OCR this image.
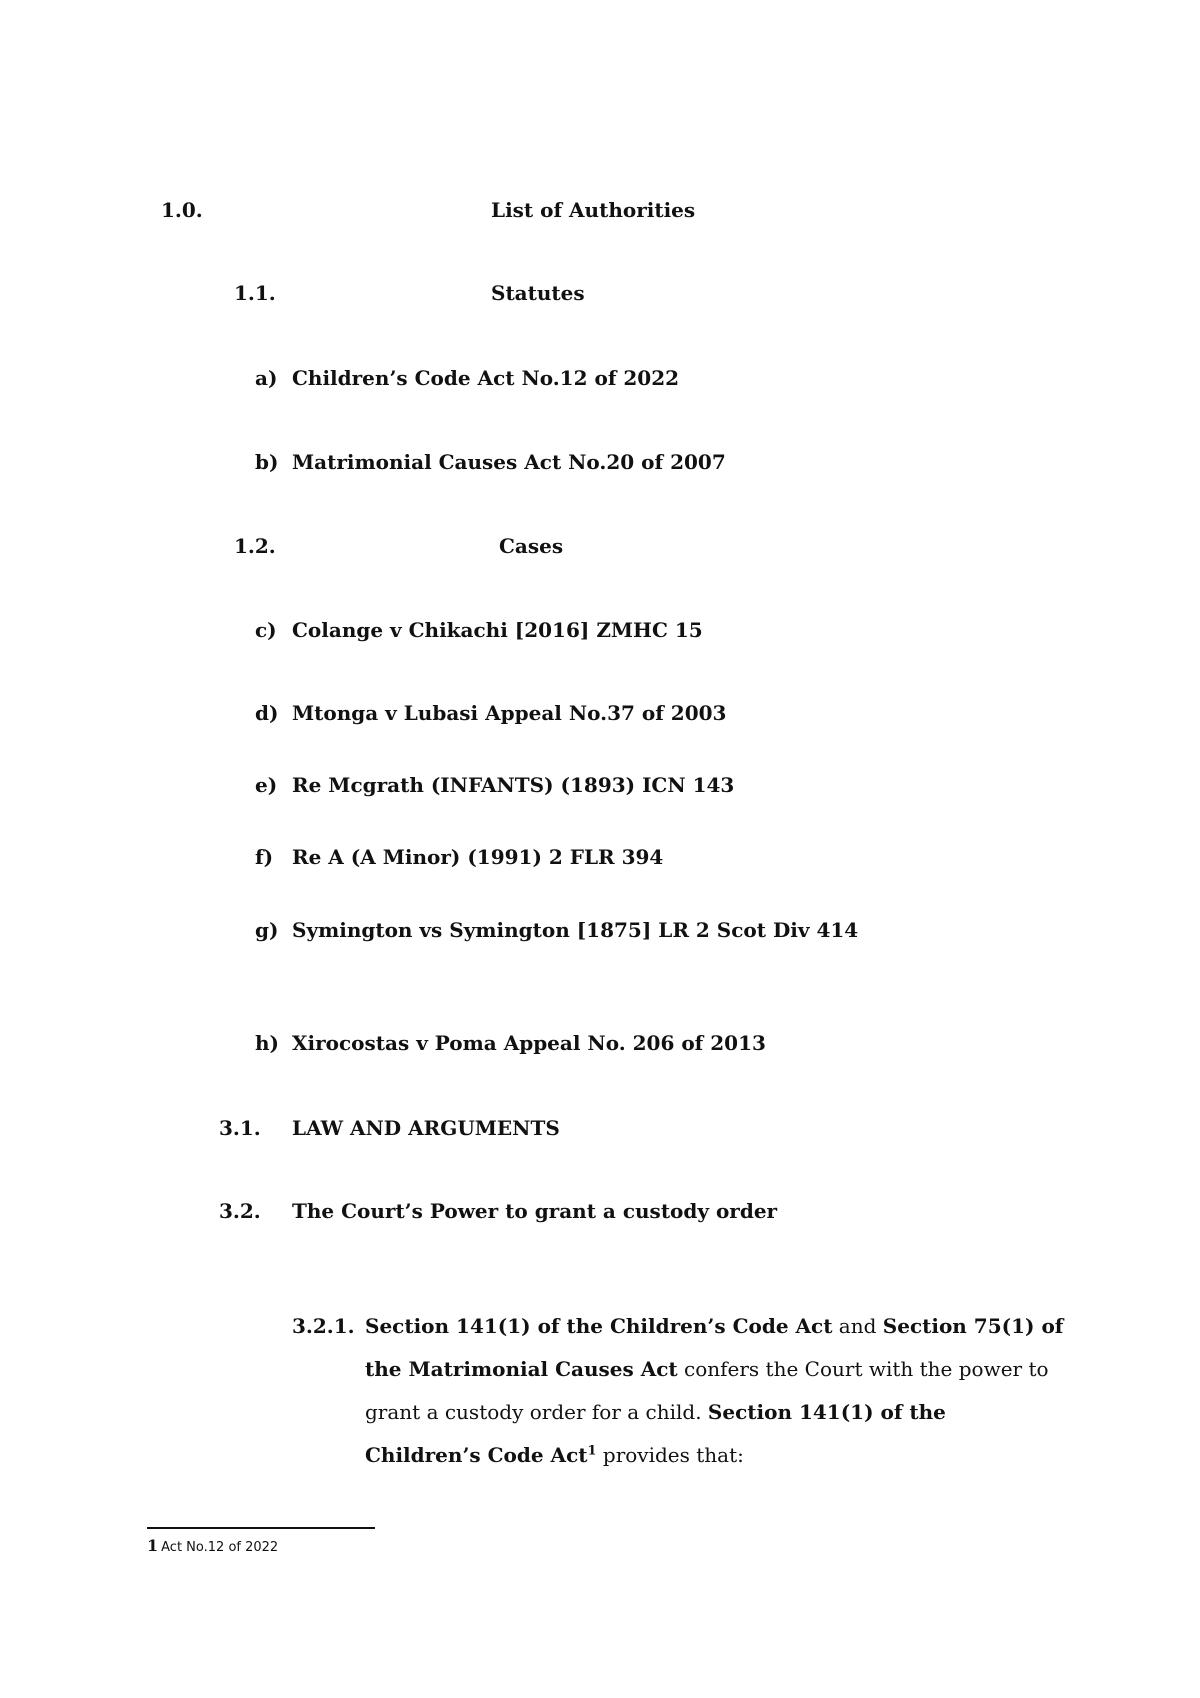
1.0.	List of Authorities
1.1.	Statutes
a) Children’s Code Act No.12 of 2022
b) Matrimonial Causes Act No.20 of 2007
1.2.	Cases
c) Colange v Chikachi [2016] ZMHC 15
d) Mtonga v Lubasi Appeal No.37 of 2003
e) Re Mcgrath (INFANTS) (1893) ICN 143
f) Re A (A Minor) (1991) 2 FLR 394
g) Symington vs Symington [1875] LR 2 Scot Div 414
h) Xirocostas v Poma Appeal No. 206 of 2013
3.1. LAW AND ARGUMENTS
3.2. The Court’s Power to grant a custody order
3.2.1. Section 141(1) of the Children’s Code Act and Section 75(1) of the Matrimonial Causes Act confers the Court with the power to grant a custody order for a child. Section 141(1) of the Children’s Code Act$^1$ provides that:
1 Act No.12 of 2022
